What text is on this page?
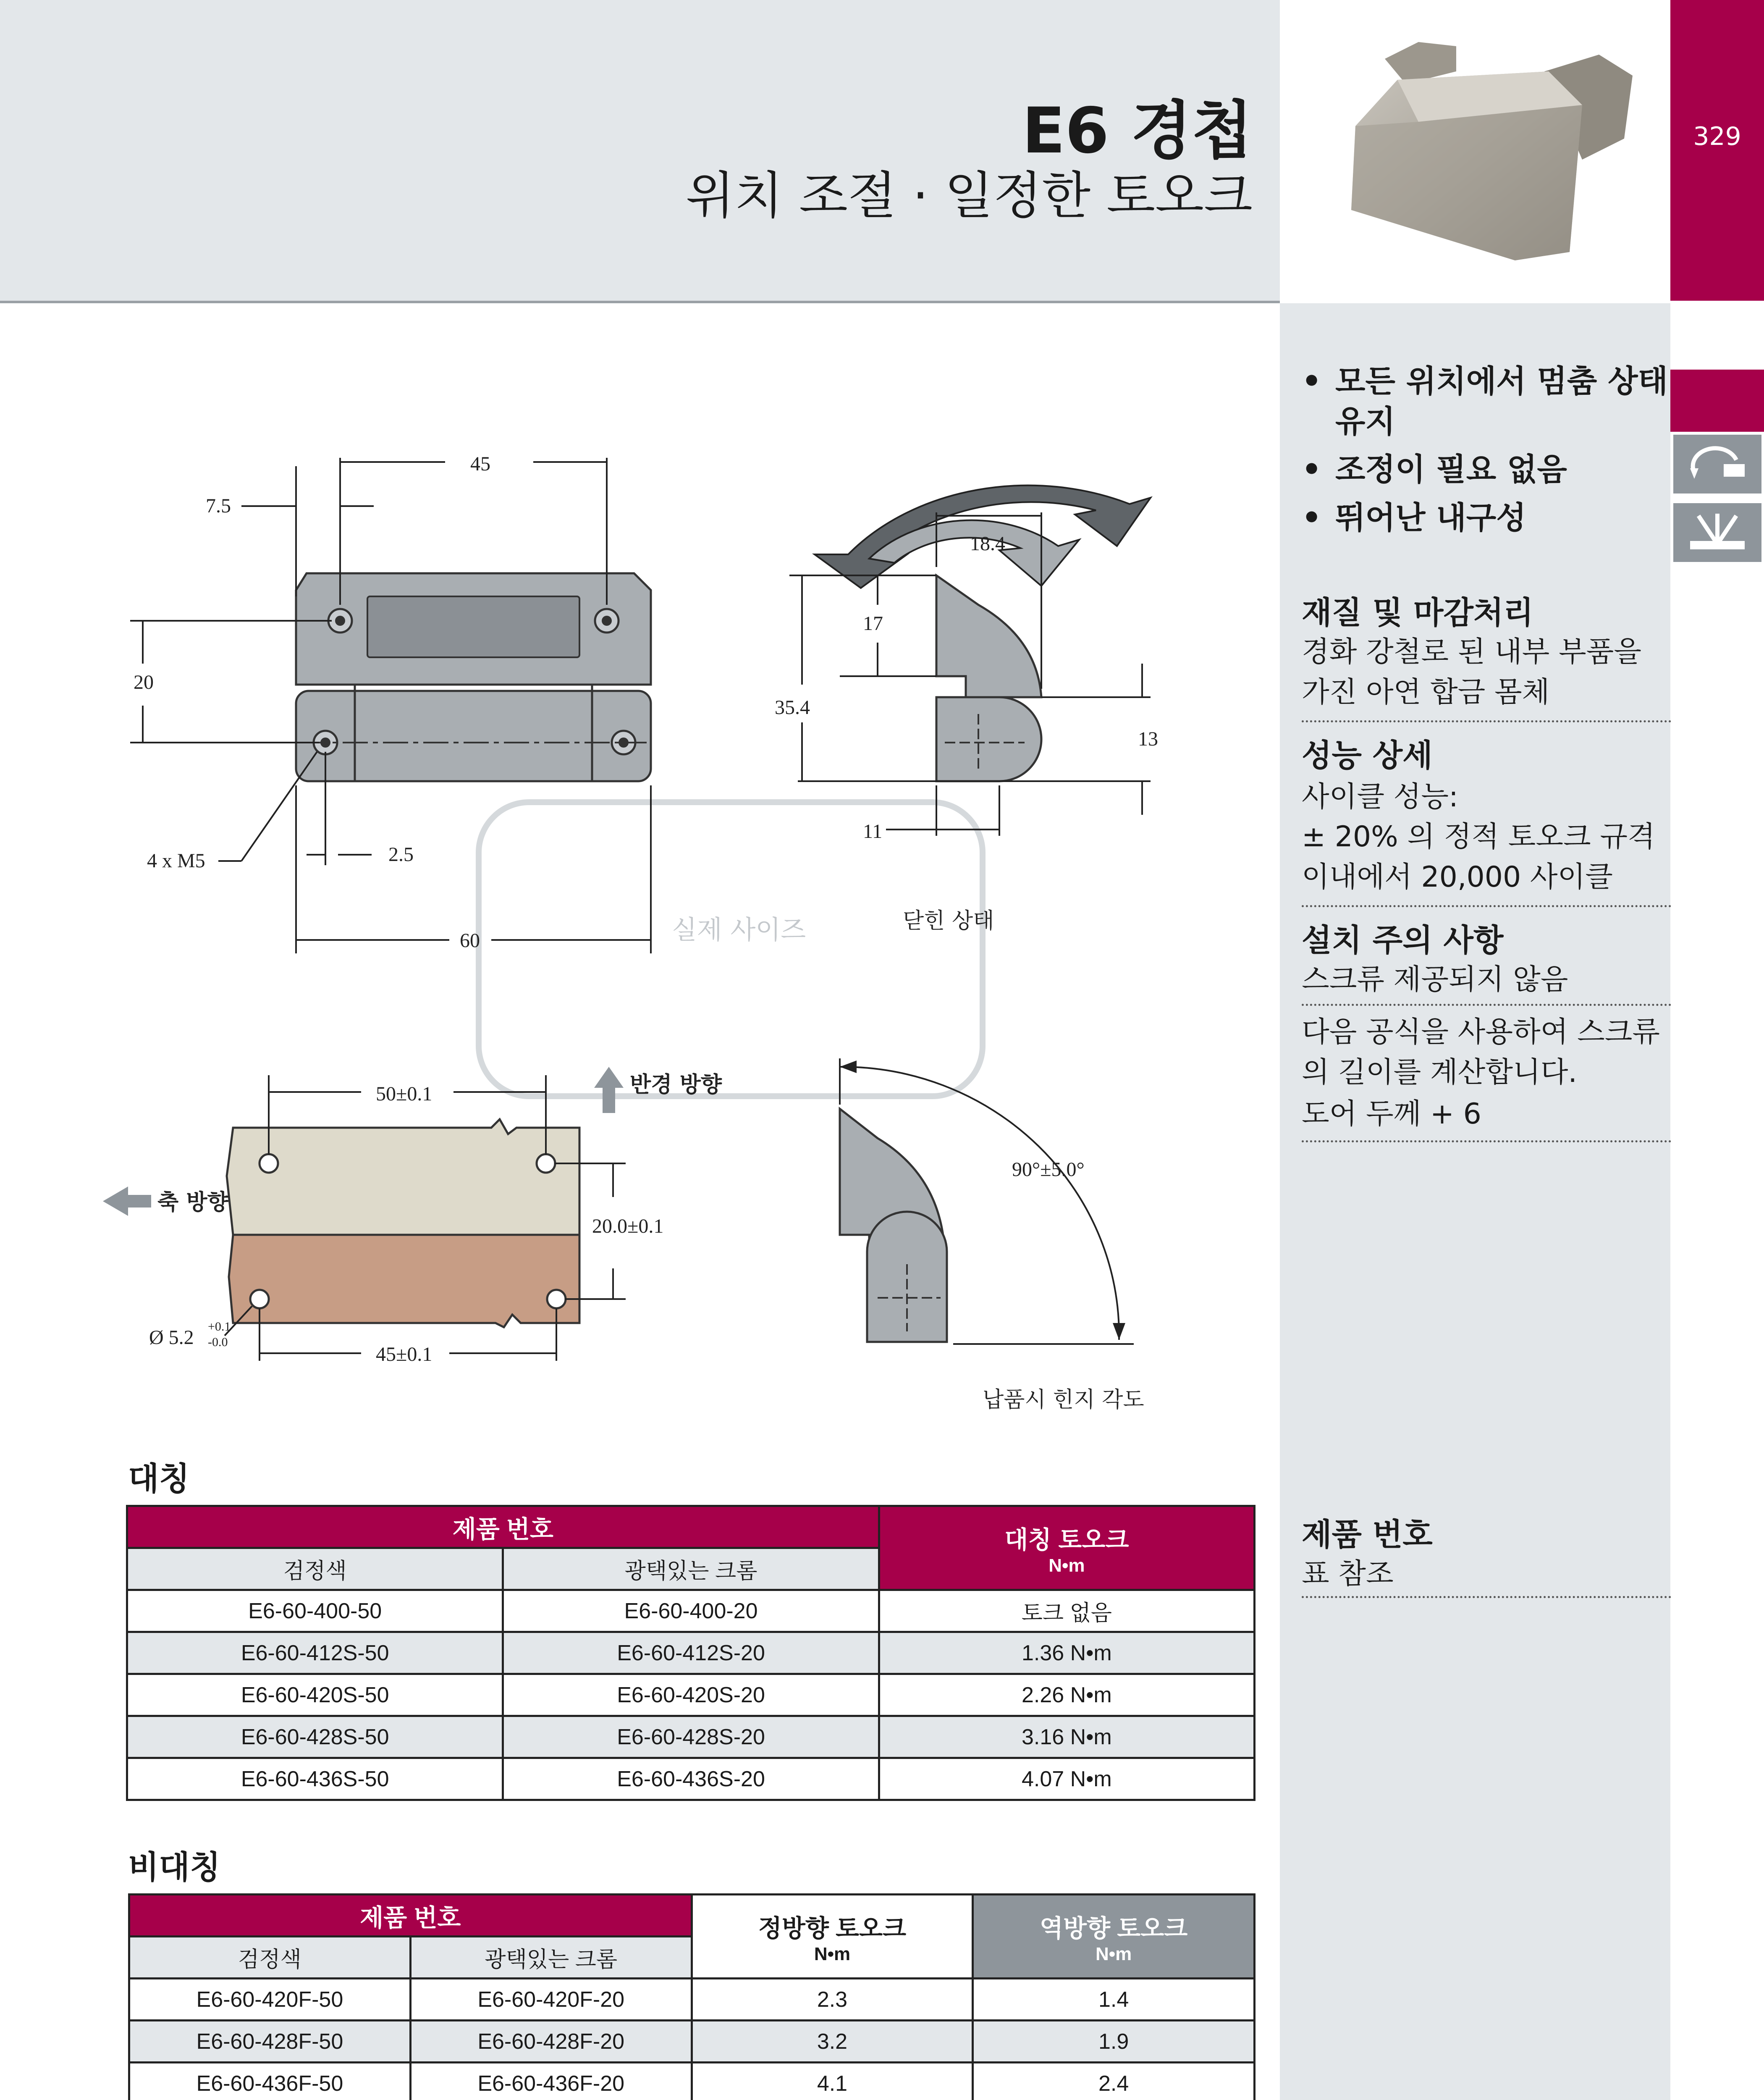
E6 경첩
위치 조절 · 일정한 토오크
329
• 모든 위치에서 멈춤 상태 유지
• 조정이 필요 없음
• 뛰어난 내구성
재질 및 마감처리
경화 강철로 된 내부 부품을 가진 아연 합금 몸체
성능 상세
사이클 성능:
± 20% 의 정적 토오크 규격 이내에서 20,000 사이클
설치 주의 사항
스크류 제공되지 않음
다음 공식을 사용하여 스크류의 길이를 계산합니다.
도어 두께 + 6
제품 번호
표 참조
실제 사이즈
45
7.5
20
4 x M5	2.5
60
역방향 회전
정방향 회전
18.4
17
35.4
13
11
닫힌 상태
50±0.1	반경 방향
축 방향
20.0±0.1
45±0.1
Ø 5.2 +0.1
-0.0
90°±5.0°
납품시 힌지 각도
대칭
제품 번호		대칭 토오크
N•m

검정색	광택있는 크롬	
E6-60-400-50	E6-60-400-20	토크 없음
E6-60-412S-50	E6-60-412S-20	1.36 N•m
E6-60-420S-50	E6-60-420S-20	2.26 N•m
E6-60-428S-50	E6-60-428S-20	3.16 N•m
E6-60-436S-50	E6-60-436S-20	4.07 N•m
비대칭
제품 번호		정방향 토오크
N•m	역방향 토오크
N•m

검정색	광택있는 크롬		
E6-60-420F-50	E6-60-420F-20	2.3	1.4
E6-60-428F-50	E6-60-428F-20	3.2	1.9
E6-60-436F-50	E6-60-436F-20	4.1	2.4
